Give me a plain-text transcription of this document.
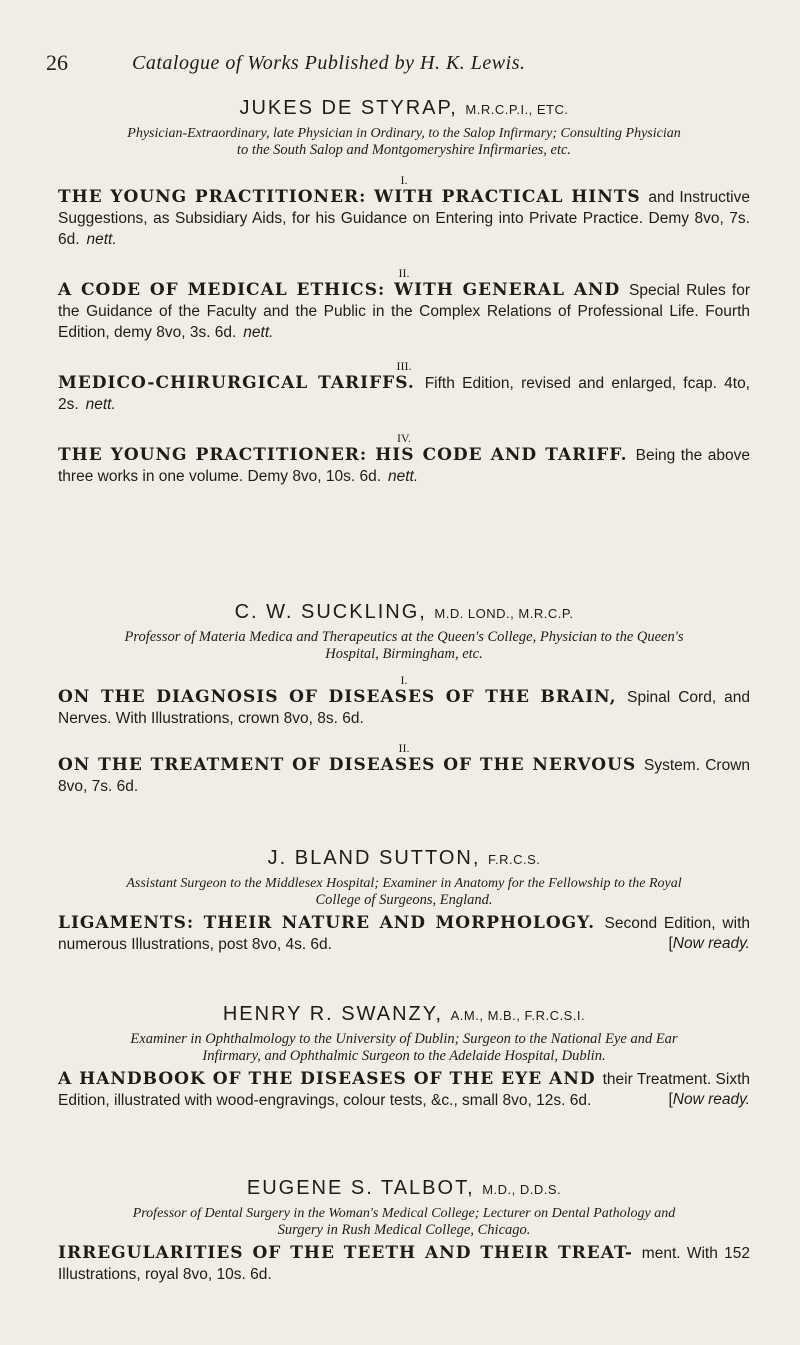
26	Catalogue of Works Published by H. K. Lewis.

JUKES DE STYRAP, M.R.C.P.I., ETC.

Physician-Extraordinary, late Physician in Ordinary, to the Salop Infirmary; Consulting Physician
to the South Salop and Montgomeryshire Infirmaries, etc.

I.
THE YOUNG PRACTITIONER: WITH PRACTICAL HINTS and Instructive Suggestions, as Subsidiary Aids, for his Guidance on Entering into Private Practice. Demy 8vo, 7s. 6d. nett.
II.
A CODE OF MEDICAL ETHICS: WITH GENERAL AND Special Rules for the Guidance of the Faculty and the Public in the Complex Relations of Professional Life. Fourth Edition, demy 8vo, 3s. 6d. nett.
III.
MEDICO-CHIRURGICAL TARIFFS. Fifth Edition, revised and enlarged, fcap. 4to, 2s. nett.
IV.
THE YOUNG PRACTITIONER: HIS CODE AND TARIFF. Being the above three works in one volume. Demy 8vo, 10s. 6d. nett.

C. W. SUCKLING, M.D. LOND., M.R.C.P.

Professor of Materia Medica and Therapeutics at the Queen's College, Physician to the Queen's
Hospital, Birmingham, etc.

I.
ON THE DIAGNOSIS OF DISEASES OF THE BRAIN, Spinal Cord, and Nerves. With Illustrations, crown 8vo, 8s. 6d.
II.
ON THE TREATMENT OF DISEASES OF THE NERVOUS System. Crown 8vo, 7s. 6d.

J. BLAND SUTTON, F.R.C.S.

Assistant Surgeon to the Middlesex Hospital; Examiner in Anatomy for the Fellowship to the Royal
College of Surgeons, England.

LIGAMENTS: THEIR NATURE AND MORPHOLOGY. Second Edition, with numerous Illustrations, post 8vo, 4s. 6d.	[Now ready.

HENRY R. SWANZY, A.M., M.B., F.R.C.S.I.

Examiner in Ophthalmology to the University of Dublin; Surgeon to the National Eye and Ear
Infirmary, and Ophthalmic Surgeon to the Adelaide Hospital, Dublin.

A HANDBOOK OF THE DISEASES OF THE EYE AND their Treatment. Sixth Edition, illustrated with wood-engravings, colour tests, &c., small 8vo, 12s. 6d.	[Now ready.

EUGENE S. TALBOT, M.D., D.D.S.

Professor of Dental Surgery in the Woman's Medical College; Lecturer on Dental Pathology and
Surgery in Rush Medical College, Chicago.

IRREGULARITIES OF THE TEETH AND THEIR TREAT- ment. With 152 Illustrations, royal 8vo, 10s. 6d.
